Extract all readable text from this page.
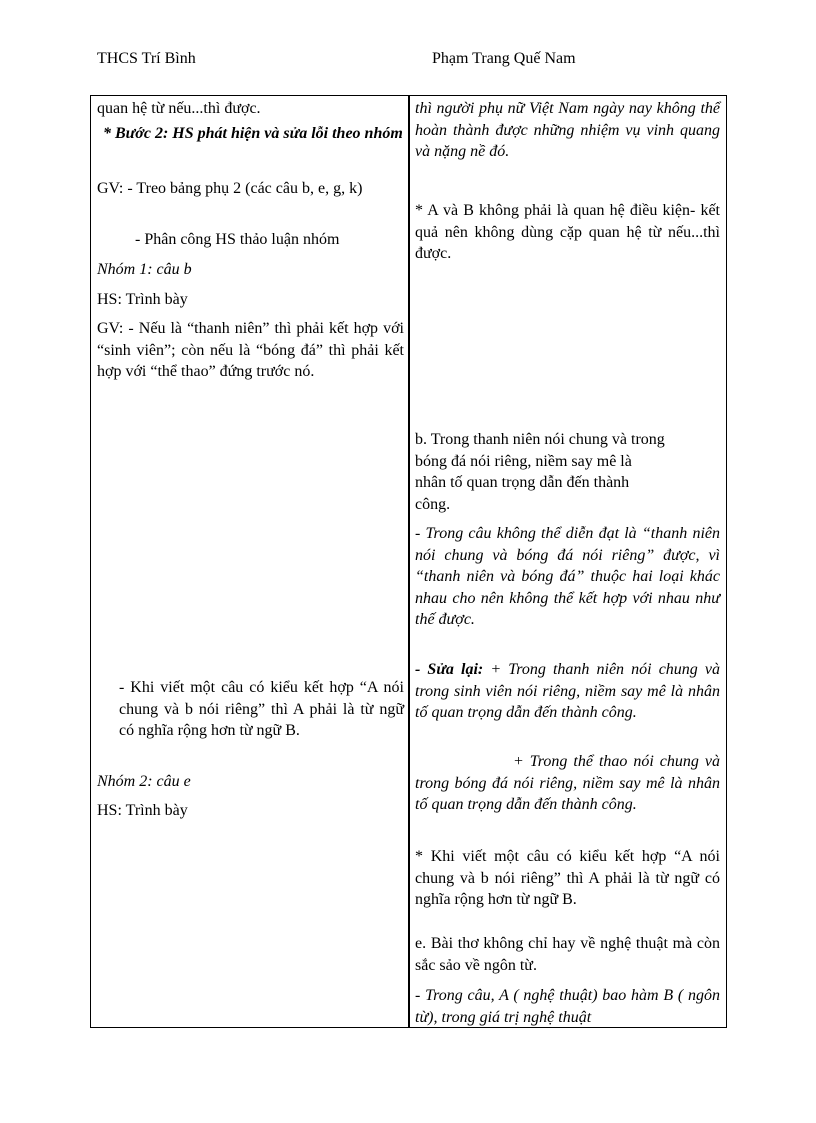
THCS Trí Bình	Phạm Trang Quế Nam
quan hệ từ nếu...thì được.
* Bước 2: HS phát hiện và sửa lỗi theo nhóm
GV: - Treo bảng phụ 2 (các câu b, e, g, k)
- Phân công HS thảo luận nhóm
Nhóm 1: câu b
HS: Trình bày
GV: - Nếu là “thanh niên” thì phải kết hợp với “sinh viên”; còn nếu là “bóng đá” thì phải kết hợp với “thể thao” đứng trước nó.
- Khi viết một câu có kiểu kết hợp “A nói chung và b nói riêng” thì A phải là từ ngữ có nghĩa rộng hơn từ ngữ B.
Nhóm 2: câu e
HS: Trình bày
thì người phụ nữ Việt Nam ngày nay không thể hoàn thành được những nhiệm vụ vinh quang và nặng nề đó.
* A và B không phải là quan hệ điều kiện- kết quả nên không dùng cặp quan hệ từ nếu...thì được.
b. Trong thanh niên nói chung và trong
bóng đá nói riêng, niềm say mê là
nhân tố quan trọng dẫn đến thành
công.
- Trong câu không thể diễn đạt là “thanh niên nói chung và bóng đá nói riêng” được, vì “thanh niên và bóng đá” thuộc hai loại khác nhau cho nên không thể kết hợp với nhau như thế được.
- Sửa lại: + Trong thanh niên nói chung và trong sinh viên nói riêng, niềm say mê là nhân tố quan trọng dẫn đến thành công.
+ Trong thể thao nói chung và trong bóng đá nói riêng, niềm say mê là nhân tố quan trọng dẫn đến thành công.
* Khi viết một câu có kiểu kết hợp “A nói chung và b nói riêng” thì A phải là từ ngữ có nghĩa rộng hơn từ ngữ B.
e. Bài thơ không chỉ hay về nghệ thuật mà còn sắc sảo về ngôn từ.
- Trong câu, A ( nghệ thuật) bao hàm B ( ngôn từ), trong giá trị nghệ thuật
